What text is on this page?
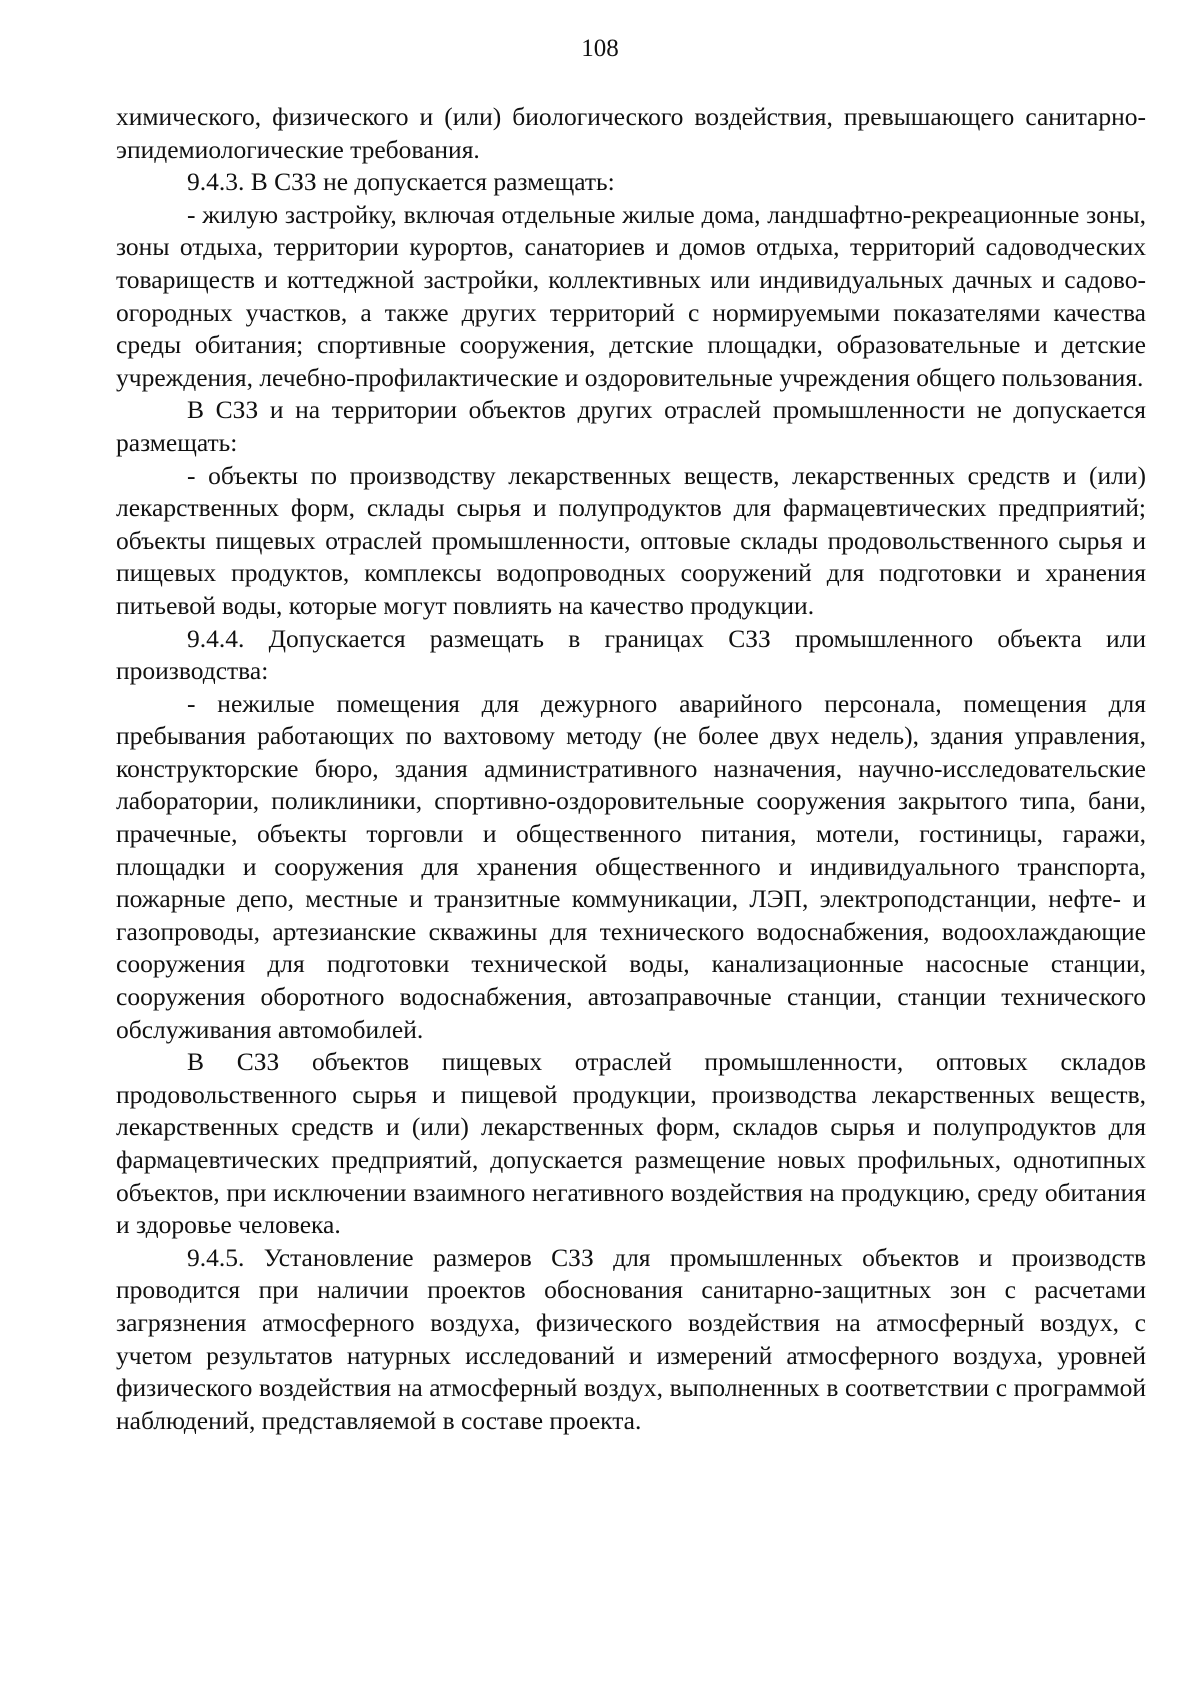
108

химического, физического и (или) биологического воздействия, превышающего санитарно-эпидемиологические требования.

9.4.3. В СЗЗ не допускается размещать:

- жилую застройку, включая отдельные жилые дома, ландшафтно-рекреационные зоны, зоны отдыха, территории курортов, санаториев и домов отдыха, территорий садоводческих товариществ и коттеджной застройки, коллективных или индивидуальных дачных и садово-огородных участков, а также других территорий с нормируемыми показателями качества среды обитания; спортивные сооружения, детские площадки, образовательные и детские учреждения, лечебно-профилактические и оздоровительные учреждения общего пользования.

В СЗЗ и на территории объектов других отраслей промышленности не допускается размещать:

- объекты по производству лекарственных веществ, лекарственных средств и (или) лекарственных форм, склады сырья и полупродуктов для фармацевтических предприятий; объекты пищевых отраслей промышленности, оптовые склады продовольственного сырья и пищевых продуктов, комплексы водопроводных сооружений для подготовки и хранения питьевой воды, которые могут повлиять на качество продукции.

9.4.4. Допускается размещать в границах СЗЗ промышленного объекта или производства:

- нежилые помещения для дежурного аварийного персонала, помещения для пребывания работающих по вахтовому методу (не более двух недель), здания управления, конструкторские бюро, здания административного назначения, научно-исследовательские лаборатории, поликлиники, спортивно-оздоровительные сооружения закрытого типа, бани, прачечные, объекты торговли и общественного питания, мотели, гостиницы, гаражи, площадки и сооружения для хранения общественного и индивидуального транспорта, пожарные депо, местные и транзитные коммуникации, ЛЭП, электроподстанции, нефте- и газопроводы, артезианские скважины для технического водоснабжения, водоохлаждающие сооружения для подготовки технической воды, канализационные насосные станции, сооружения оборотного водоснабжения, автозаправочные станции, станции технического обслуживания автомобилей.

В СЗЗ объектов пищевых отраслей промышленности, оптовых складов продовольственного сырья и пищевой продукции, производства лекарственных веществ, лекарственных средств и (или) лекарственных форм, складов сырья и полупродуктов для фармацевтических предприятий, допускается размещение новых профильных, однотипных объектов, при исключении взаимного негативного воздействия на продукцию, среду обитания и здоровье человека.

9.4.5. Установление размеров СЗЗ для промышленных объектов и производств проводится при наличии проектов обоснования санитарно-защитных зон с расчетами загрязнения атмосферного воздуха, физического воздействия на атмосферный воздух, с учетом результатов натурных исследований и измерений атмосферного воздуха, уровней физического воздействия на атмосферный воздух, выполненных в соответствии с программой наблюдений, представляемой в составе проекта.
